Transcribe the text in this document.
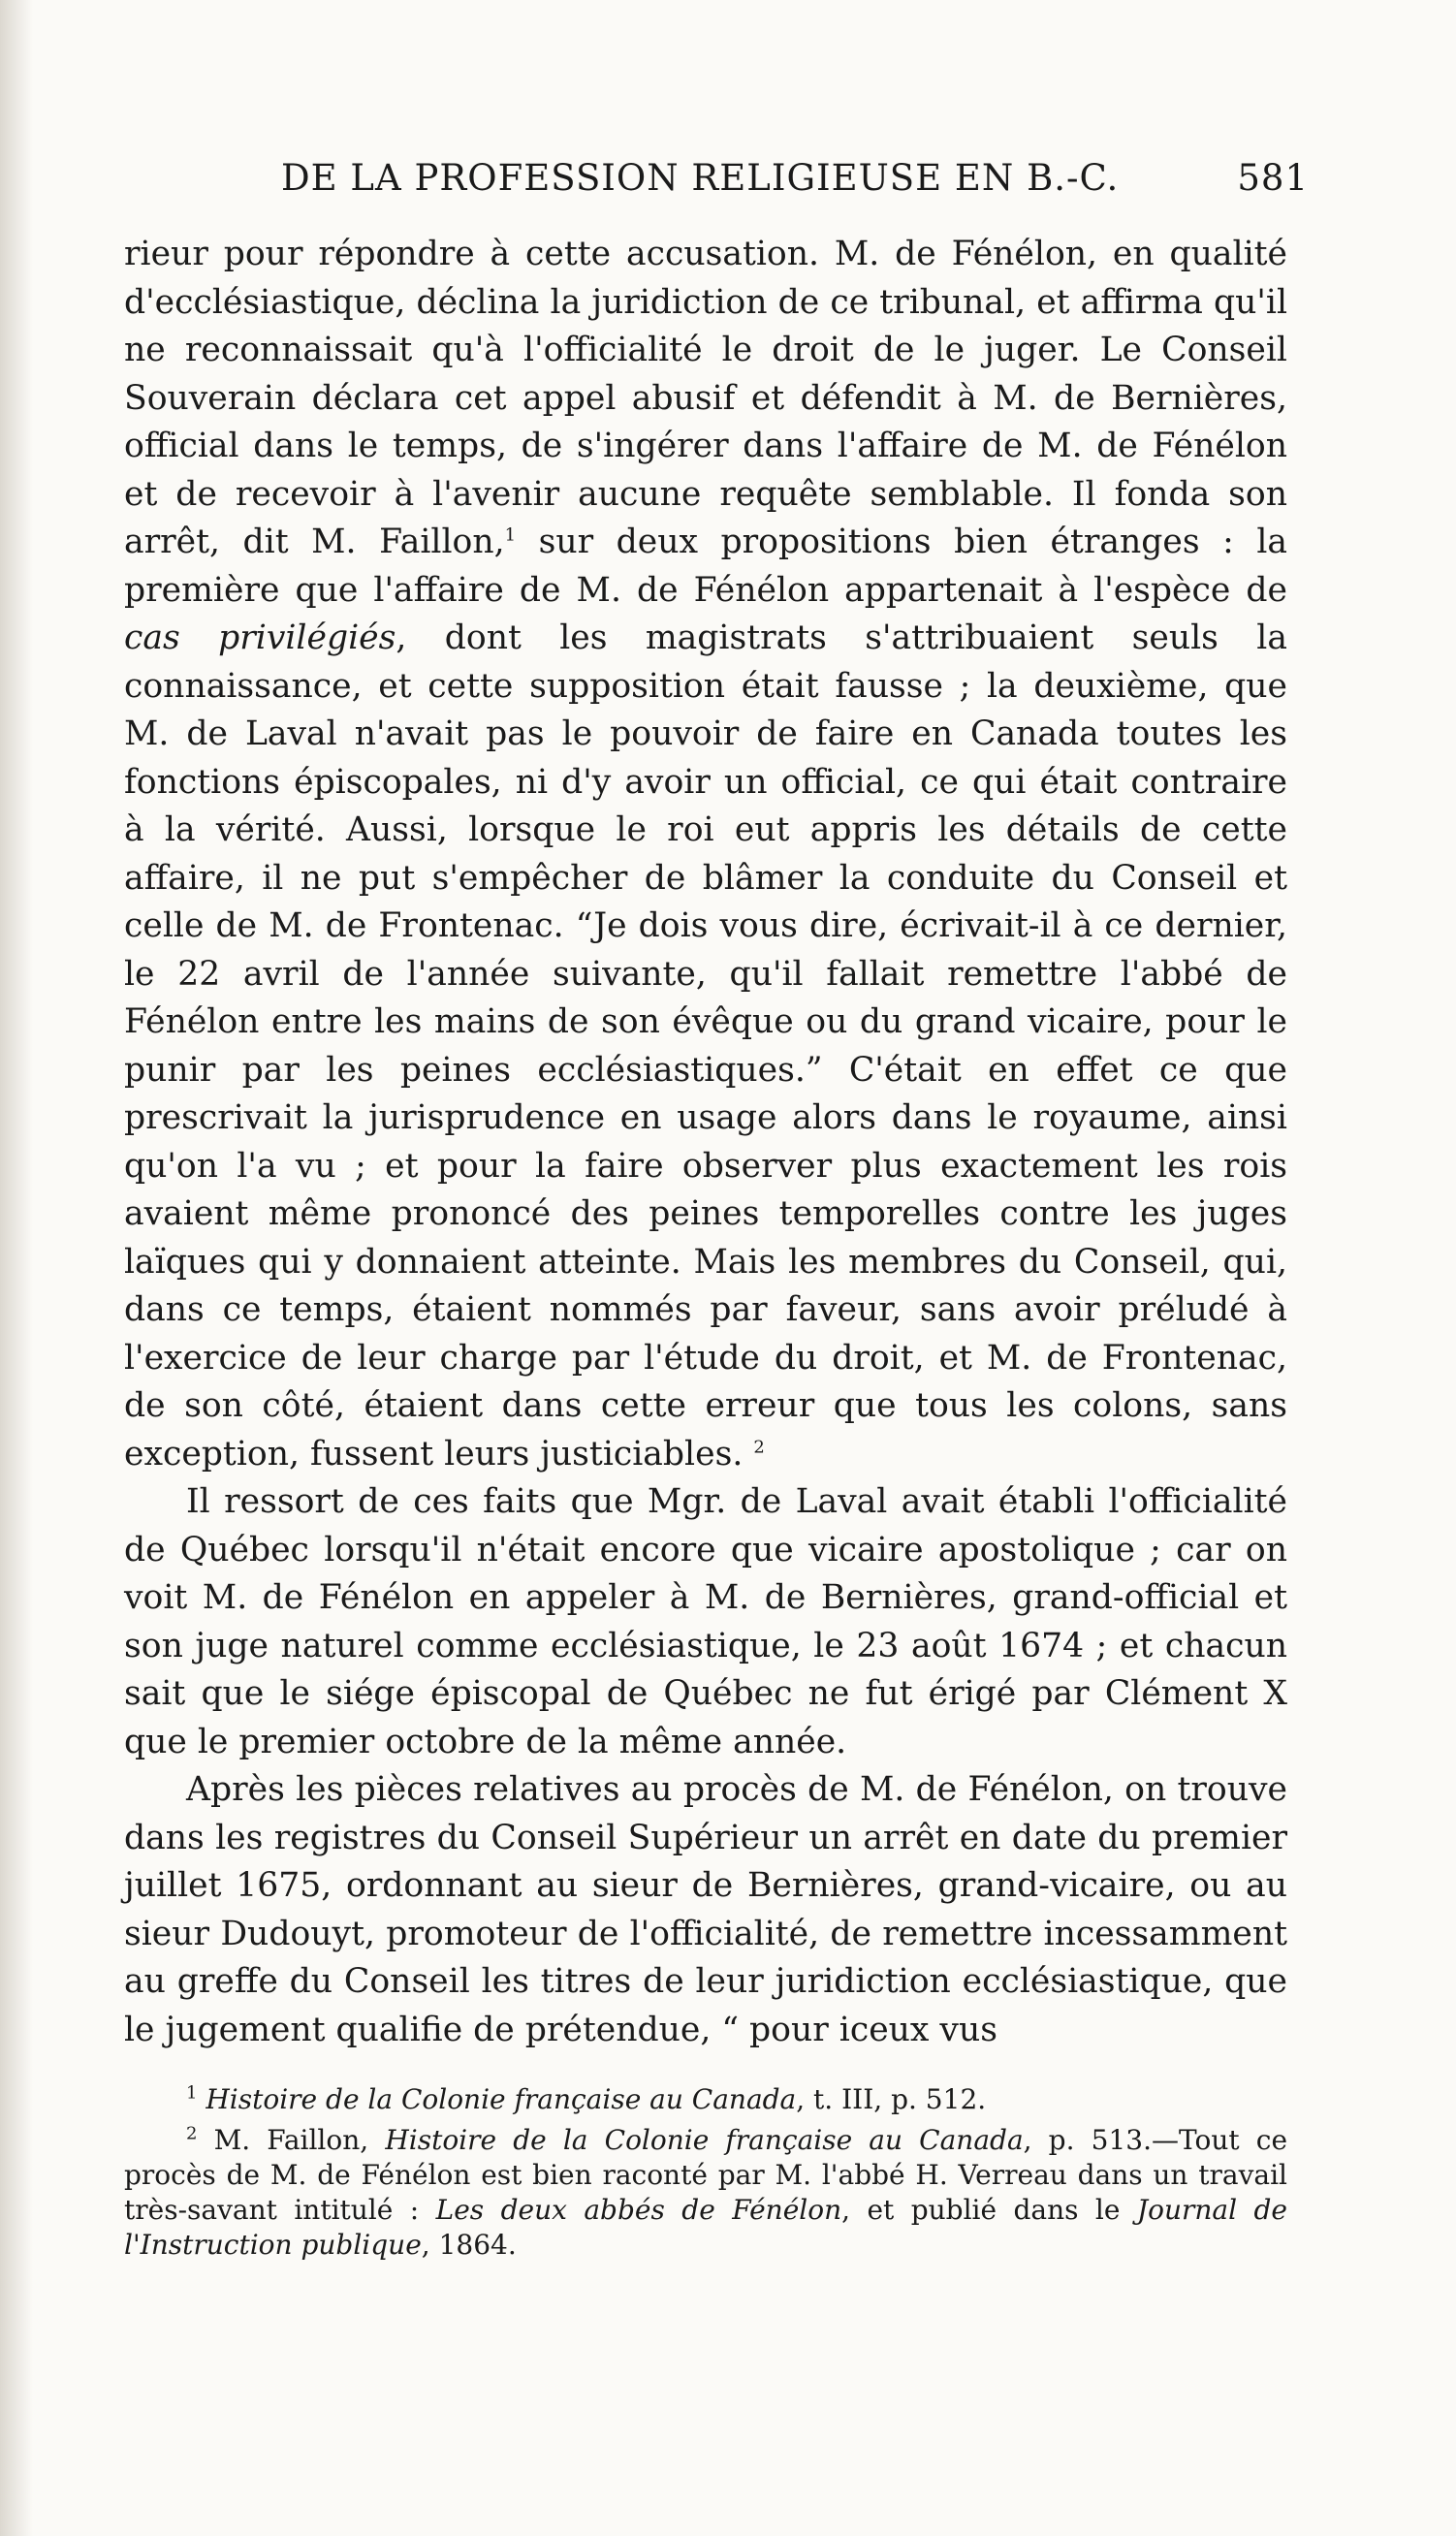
DE LA PROFESSION RELIGIEUSE EN B.-C.	581

rieur pour répondre à cette accusation. M. de Fénélon, en qualité d'ecclésiastique, déclina la juridiction de ce tribunal, et affirma qu'il ne reconnaissait qu'à l'officialité le droit de le juger. Le Conseil Souverain déclara cet appel abusif et défendit à M. de Bernières, official dans le temps, de s'ingérer dans l'affaire de M. de Fénélon et de recevoir à l'avenir aucune requête semblable. Il fonda son arrêt, dit M. Faillon,$^1$ sur deux propositions bien étranges : la première que l'affaire de M. de Fénélon appartenait à l'espèce de cas privilégiés, dont les magistrats s'attribuaient seuls la connaissance, et cette supposition était fausse ; la deuxième, que M. de Laval n'avait pas le pouvoir de faire en Canada toutes les fonctions épiscopales, ni d'y avoir un official, ce qui était contraire à la vérité. Aussi, lorsque le roi eut appris les détails de cette affaire, il ne put s'empêcher de blâmer la conduite du Conseil et celle de M. de Frontenac. “Je dois vous dire, écrivait-il à ce dernier, le 22 avril de l'année suivante, qu'il fallait remettre l'abbé de Fénélon entre les mains de son évêque ou du grand vicaire, pour le punir par les peines ecclésiastiques.” C'était en effet ce que prescrivait la jurisprudence en usage alors dans le royaume, ainsi qu'on l'a vu ; et pour la faire observer plus exactement les rois avaient même prononcé des peines temporelles contre les juges laïques qui y donnaient atteinte. Mais les membres du Conseil, qui, dans ce temps, étaient nommés par faveur, sans avoir préludé à l'exercice de leur charge par l'étude du droit, et M. de Frontenac, de son côté, étaient dans cette erreur que tous les colons, sans exception, fussent leurs justiciables. $^2$

Il ressort de ces faits que Mgr. de Laval avait établi l'officialité de Québec lorsqu'il n'était encore que vicaire apostolique ; car on voit M. de Fénélon en appeler à M. de Bernières, grand-official et son juge naturel comme ecclésiastique, le 23 août 1674 ; et chacun sait que le siége épiscopal de Québec ne fut érigé par Clément X que le premier octobre de la même année.

Après les pièces relatives au procès de M. de Fénélon, on trouve dans les registres du Conseil Supérieur un arrêt en date du premier juillet 1675, ordonnant au sieur de Bernières, grand-vicaire, ou au sieur Dudouyt, promoteur de l'officialité, de remettre incessamment au greffe du Conseil les titres de leur juridiction ecclésiastique, que le jugement qualifie de prétendue, “ pour iceux vus

$^1$ Histoire de la Colonie française au Canada, t. III, p. 512.

$^2$ M. Faillon, Histoire de la Colonie française au Canada, p. 513.—Tout ce procès de M. de Fénélon est bien raconté par M. l'abbé H. Verreau dans un travail très-savant intitulé : Les deux abbés de Fénélon, et publié dans le Journal de l'Instruction publique, 1864.
